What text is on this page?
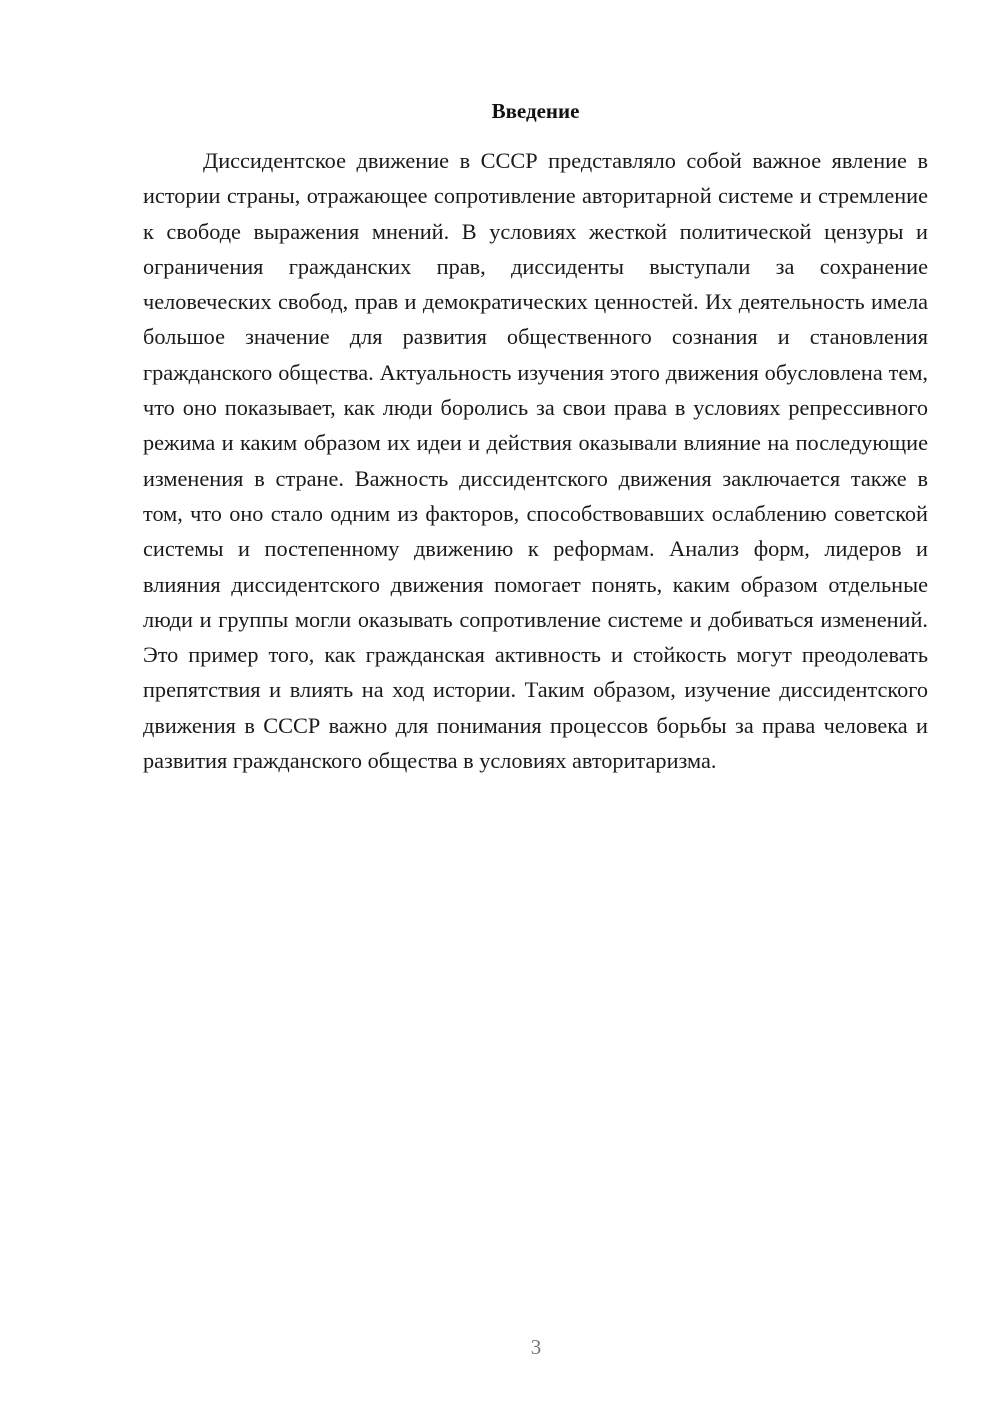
Введение

Диссидентское движение в СССР представляло собой важное явление в истории страны, отражающее сопротивление авторитарной системе и стремление к свободе выражения мнений. В условиях жесткой политической цензуры и ограничения гражданских прав, диссиденты выступали за сохранение человеческих свобод, прав и демократических ценностей. Их деятельность имела большое значение для развития общественного сознания и становления гражданского общества. Актуальность изучения этого движения обусловлена тем, что оно показывает, как люди боролись за свои права в условиях репрессивного режима и каким образом их идеи и действия оказывали влияние на последующие изменения в стране. Важность диссидентского движения заключается также в том, что оно стало одним из факторов, способствовавших ослаблению советской системы и постепенному движению к реформам. Анализ форм, лидеров и влияния диссидентского движения помогает понять, каким образом отдельные люди и группы могли оказывать сопротивление системе и добиваться изменений. Это пример того, как гражданская активность и стойкость могут преодолевать препятствия и влиять на ход истории. Таким образом, изучение диссидентского движения в СССР важно для понимания процессов борьбы за права человека и развития гражданского общества в условиях авторитаризма.

3
